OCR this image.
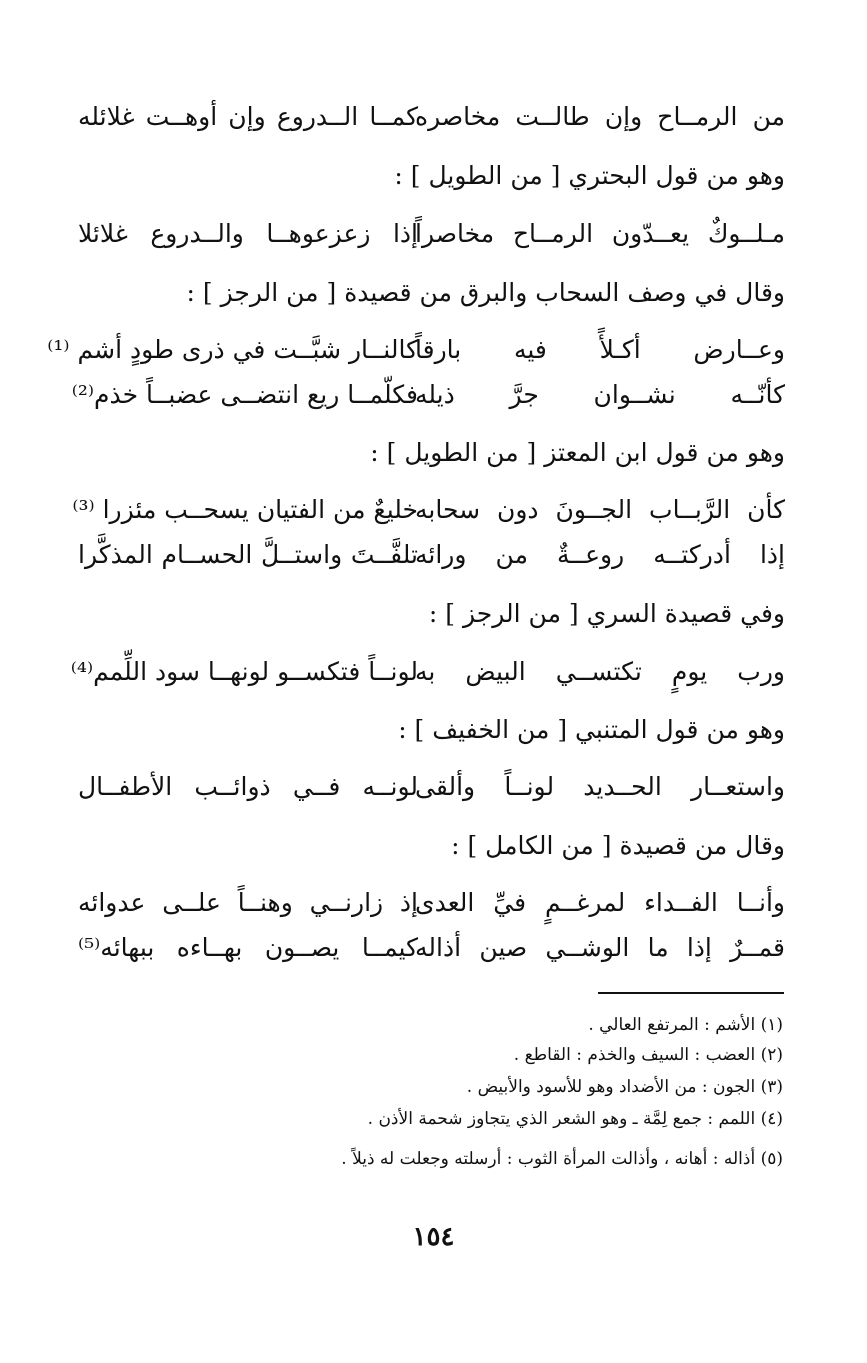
من الرمــاح وإن طالــت مخاصره
كمــا الــدروع وإن أوهــت غلائله
وهو من قول البحتري [ من الطويل ] :
مـلــوكٌ يعــدّون الرمــاح مخاصراً
إذا زعزعوهــا والــدروع غلائلا
وقال في وصف السحاب والبرق من قصيدة [ من الرجز ] :
وعــارض أكـلأً فيه بارقاً
كالنــار شبَّــت في ذرى طودٍ أشم ⁽¹⁾
كأنّــه نشــوان جرَّ ذيله
فكلّمــا ريع انتضــى عضبــاً خذم⁽²⁾
وهو من قول ابن المعتز [ من الطويل ] :
كأن الرَّبــاب الجــونَ دون سحابه
خليعٌ من الفتيان يسحــب مئزرا ⁽³⁾
إذا أدركتــه روعــةٌ من ورائه
تلفَّــتَ واستــلَّ الحســام المذكَّرا
وفي قصيدة السري [ من الرجز ] :
ورب يومٍ تكتســي البيض به
لونــاً فتكســو لونهــا سود اللِّمم⁽⁴⁾
وهو من قول المتنبي [ من الخفيف ] :
واستعــار الحــديد لونــاً وألقى
لونــه فــي ذوائــب الأطفــال
وقال من قصيدة [ من الكامل ] :
وأنــا الفــداء لمرغــمٍ فيِّ العدى
إذ زارنــي وهنــاً علــى عدوائه
قمــرٌ إذا ما الوشــي صين أذاله
كيمــا يصــون بهــاءه ببهائه⁽⁵⁾
(١) الأشم : المرتفع العالي .
(٢) العضب : السيف والخذم : القاطع .
(٣) الجون : من الأضداد وهو للأسود والأبيض .
(٤) اللمم : جمع لِمَّة ـ وهو الشعر الذي يتجاوز شحمة الأذن .
(٥) أذاله : أهانه ، وأذالت المرأة الثوب : أرسلته وجعلت له ذيلاً .
١٥٤
